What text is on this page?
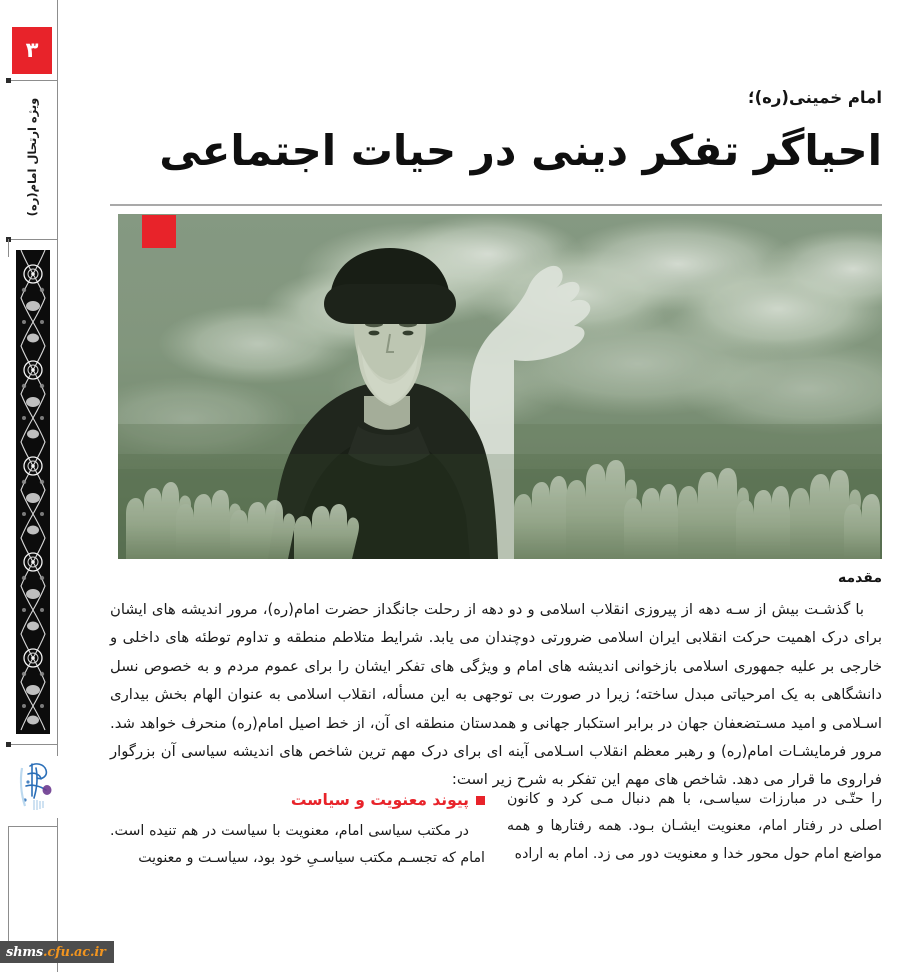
۳
ویژه ارتحال امام(ره)
shms .cfu.ac.ir
امام خمینی(ره)؛
احیاگر تفکر دینی در حیات اجتماعی
مقدمه

با گذشـت بیش از سـه دهه از پیروزی انقلاب اسلامی و دو دهه از رحلت جانگداز حضرت امام(ره)، مرور اندیشه های ایشان برای درک اهمیت حرکت انقلابی ایران اسلامی ضرورتی دوچندان می یابد. شرایط متلاطم منطقه و تداوم توطئه های داخلی و خارجی بر علیه جمهوری اسلامی بازخوانی اندیشه های امام و ویژگی های تفکر ایشان را برای عموم مردم و به خصوص نسل دانشگاهی به یک امرحیاتی مبدل ساخته؛ زیرا در صورت بی توجهی به این مسأله، انقلاب اسلامی به عنوان الهام بخش بیداری اسـلامی و امید مسـتضعفان جهان در برابر استکبار جهانی و همدستان منطقه ای آن، از خط اصیل امام(ره) منحرف خواهد شد. مرور فرمایشـات امام(ره) و رهبر معظم انقلاب اسـلامی آینه ای برای درک مهم ترین شاخص های اندیشه سیاسی آن بزرگوار فراروی ما قرار می دهد. شاخص های مهم این تفکر به شرح زیر است:

پیوند معنویت و سیاست

در مکتب سیاسی امام، معنویت با سیاست در هم تنیده است. امام که تجسـم مکتب سیاسـیِ خود بود، سیاسـت و معنویت

را حتّـی در مبارزات سیاسـی، با هم دنبال مـی کرد و کانون اصلی در رفتار امام، معنویت ایشـان بـود. همه رفتارها و همه مواضع امام حول محور خدا و معنویت دور می زد. امام به اراده
